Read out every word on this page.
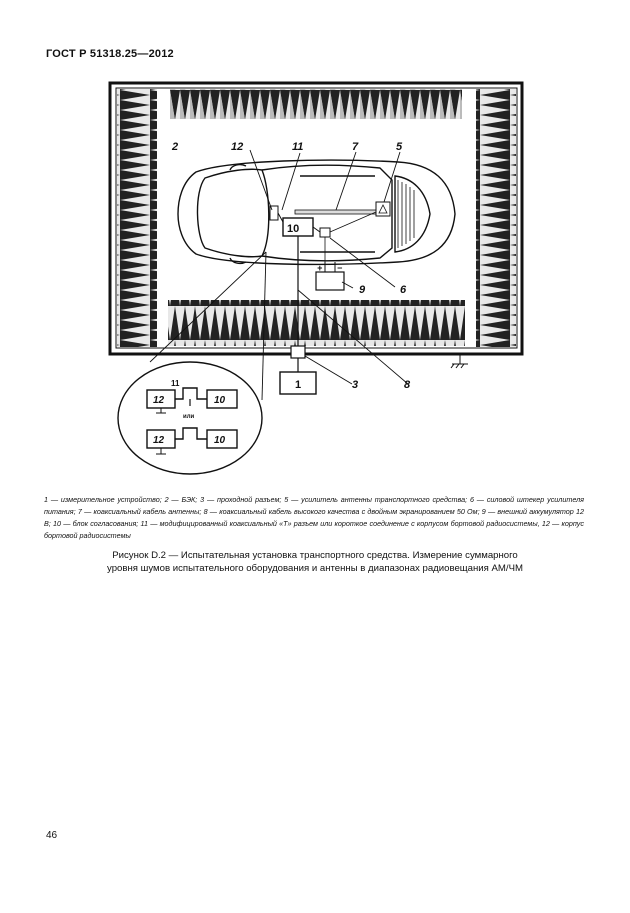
ГОСТ Р 51318.25—2012
2	12	11	7	5
10
9	6
1	3	8
+ −
11
12	10
или
12	10
1 — измерительное устройство; 2 — БЭК; 3 — проходной разъем; 5 — усилитель антенны транспортного средства; 6 — силовой штекер усилителя питания; 7 — коаксиальный кабель антенны; 8 — коаксиальный кабель высокого качества с двойным экранированием 50 Ом; 9 — внешний аккумулятор 12 В; 10 — блок согласования; 11 — модифицированный коаксиальный «Т» разъем или короткое соединение с корпусом бортовой радиосистемы, 12 — корпус бортовой радиосистемы
Рисунок D.2 — Испытательная установка транспортного средства. Измерение суммарного
уровня шумов испытательного оборудования и антенны в диапазонах радиовещания АМ/ЧМ
46
